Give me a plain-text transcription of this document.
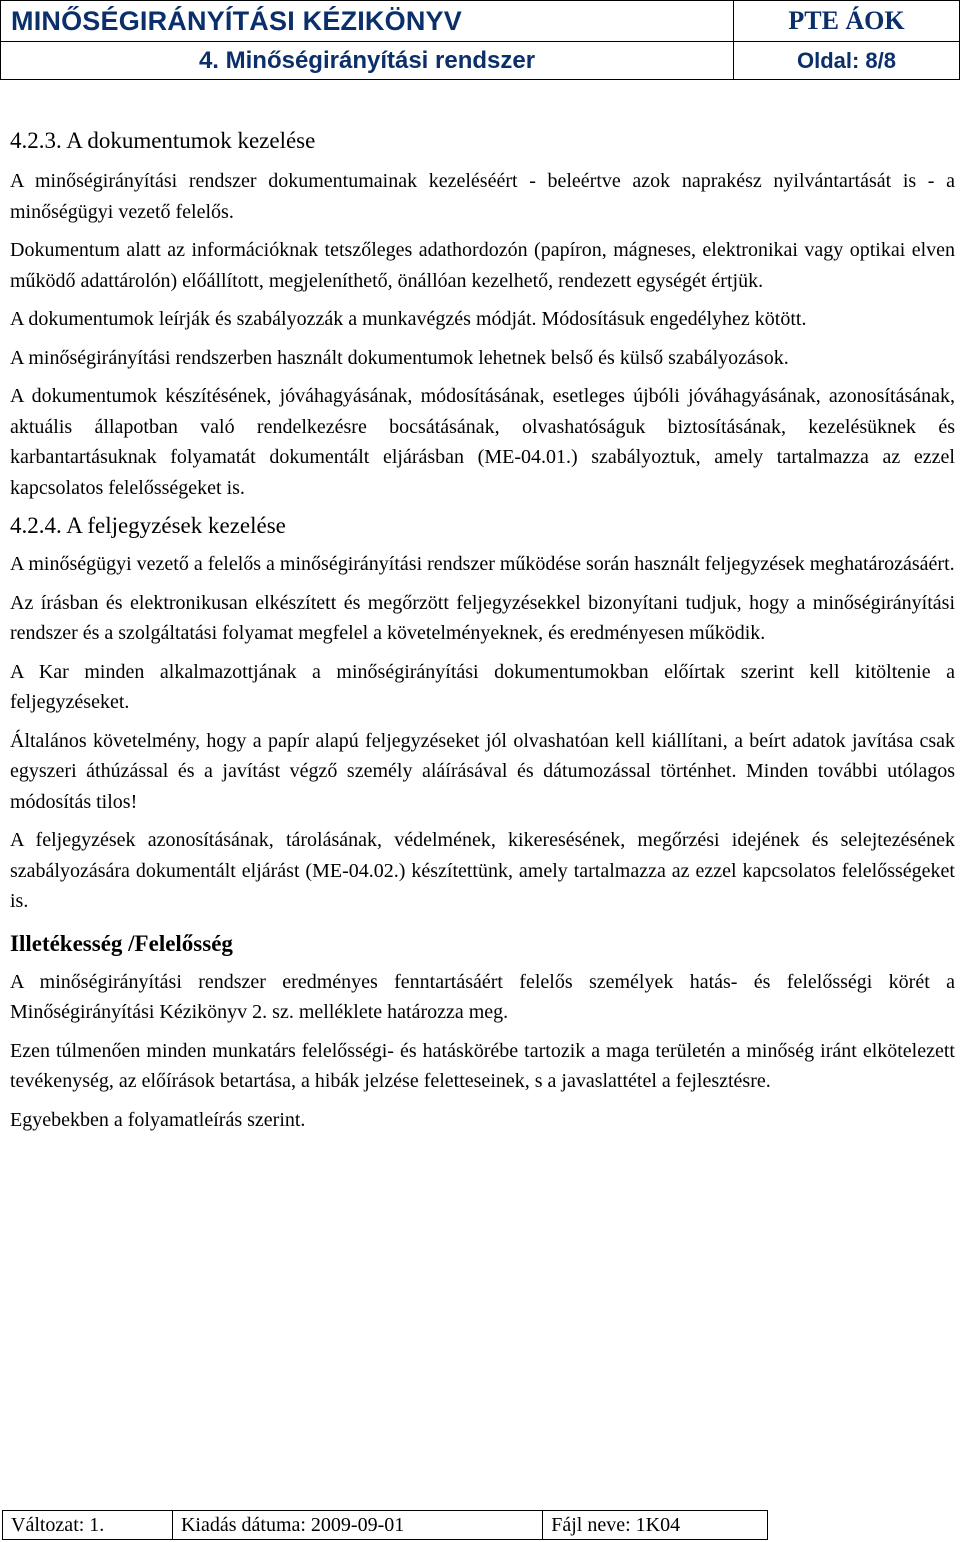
MINŐSÉGIRÁNYÍTÁSI KÉZIKÖNYV	PTE ÁOK
4. Minőségirányítási rendszer	Oldal: 8/8
4.2.3. A dokumentumok kezelése

A minőségirányítási rendszer dokumentumainak kezeléséért - beleértve azok naprakész nyilvántartását is - a minőségügyi vezető felelős.

Dokumentum alatt az információknak tetszőleges adathordozón (papíron, mágneses, elektronikai vagy optikai elven működő adattárolón) előállított, megjeleníthető, önállóan kezelhető, rendezett egységét értjük.

A dokumentumok leírják és szabályozzák a munkavégzés módját. Módosításuk engedélyhez kötött.

A minőségirányítási rendszerben használt dokumentumok lehetnek belső és külső szabályozások.

A dokumentumok készítésének, jóváhagyásának, módosításának, esetleges újbóli jóváhagyásának, azonosításának, aktuális állapotban való rendelkezésre bocsátásának, olvashatóságuk biztosításának, kezelésüknek és karbantartásuknak folyamatát dokumentált eljárásban (ME-04.01.) szabályoztuk, amely tartalmazza az ezzel kapcsolatos felelősségeket is.

4.2.4. A feljegyzések kezelése

A minőségügyi vezető a felelős a minőségirányítási rendszer működése során használt feljegyzések meghatározásáért.

Az írásban és elektronikusan elkészített és megőrzött feljegyzésekkel bizonyítani tudjuk, hogy a minőségirányítási rendszer és a szolgáltatási folyamat megfelel a követelményeknek, és eredményesen működik.

A Kar minden alkalmazottjának a minőségirányítási dokumentumokban előírtak szerint kell kitöltenie a feljegyzéseket.

Általános követelmény, hogy a papír alapú feljegyzéseket jól olvashatóan kell kiállítani, a beírt adatok javítása csak egyszeri áthúzással és a javítást végző személy aláírásával és dátumozással történhet. Minden további utólagos módosítás tilos!

A feljegyzések azonosításának, tárolásának, védelmének, kikeresésének, megőrzési idejének és selejtezésének szabályozására dokumentált eljárást (ME-04.02.) készítettünk, amely tartalmazza az ezzel kapcsolatos felelősségeket is.

Illetékesség /Felelősség

A minőségirányítási rendszer eredményes fenntartásáért felelős személyek hatás- és felelősségi körét a Minőségirányítási Kézikönyv 2. sz. melléklete határozza meg.

Ezen túlmenően minden munkatárs felelősségi- és hatáskörébe tartozik a maga területén a minőség iránt elkötelezett tevékenység, az előírások betartása, a hibák jelzése feletteseinek, s a javaslattétel a fejlesztésre.

Egyebekben a folyamatleírás szerint.

Változat: 1.	Kiadás dátuma: 2009-09-01	Fájl neve: 1K04
